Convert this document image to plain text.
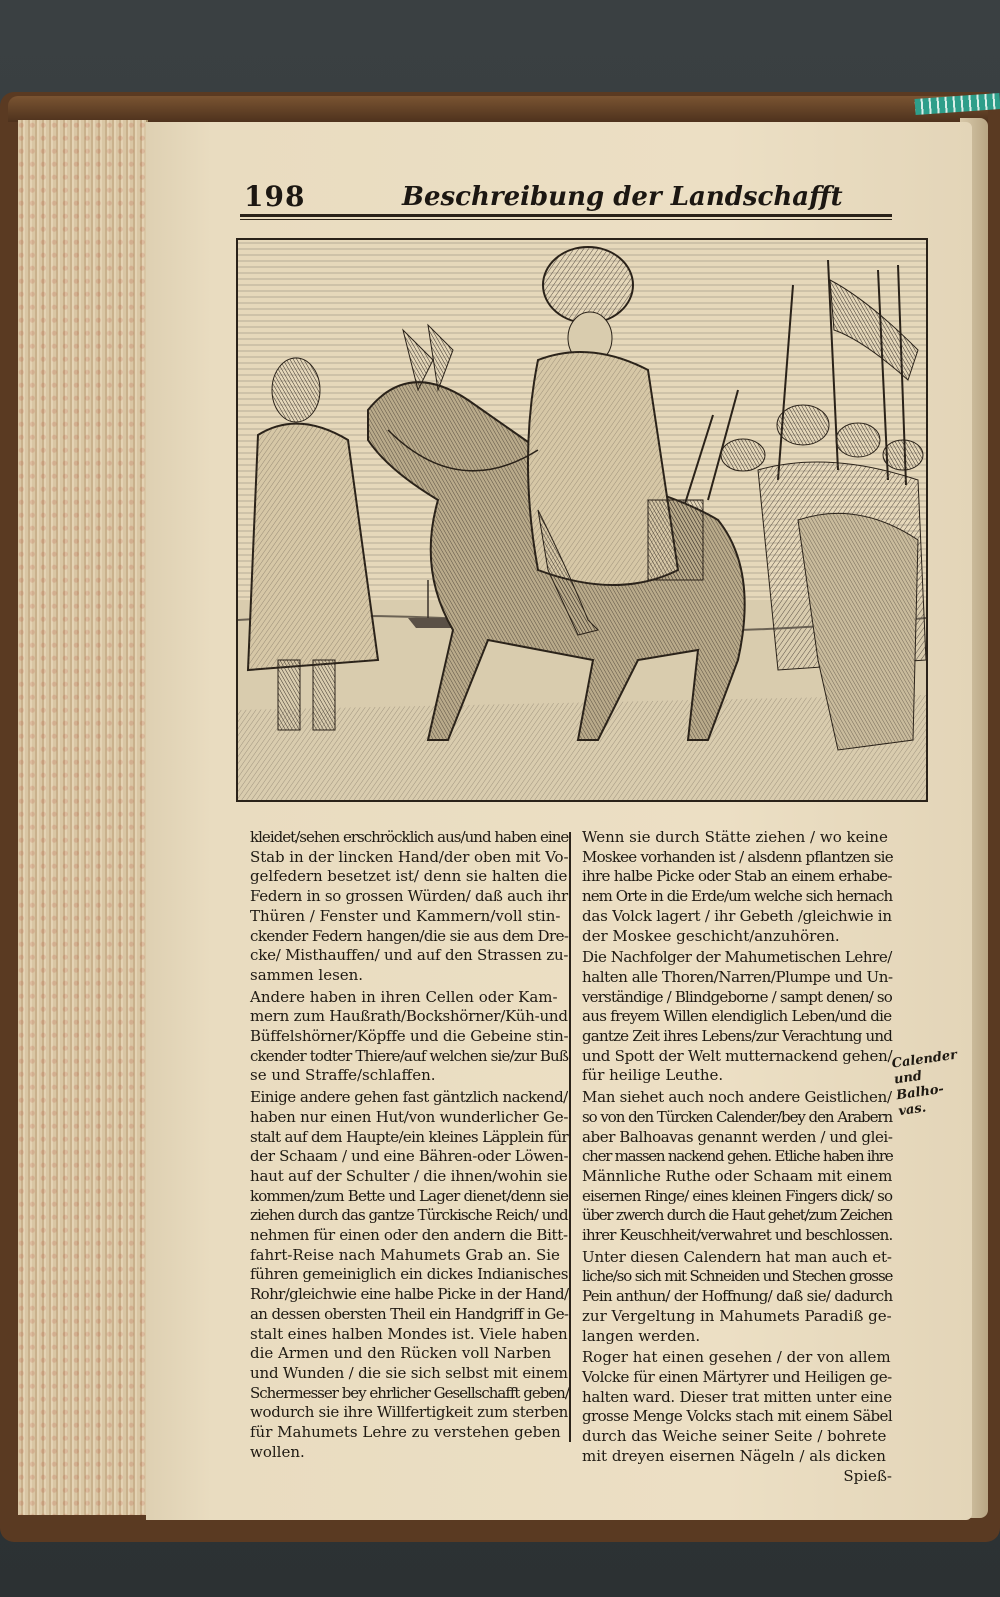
198	Beschreibung der Landschafft

kleidet/sehen erschröcklich aus/und haben eine
Stab in der lincken Hand/der oben mit Vo-
gelfedern besetzet ist/ denn sie halten die
Federn in so grossen Würden/ daß auch ihr
Thüren / Fenster und Kammern/voll stin-
ckender Federn hangen/die sie aus dem Dre-
cke/ Misthauffen/ und auf den Strassen zu-
sammen lesen.

Andere haben in ihren Cellen oder Kam-
mern zum Haußrath/Bockshörner/Küh-und
Büffelshörner/Köpffe und die Gebeine stin-
ckender todter Thiere/auf welchen sie/zur Buß
se und Straffe/schlaffen.

Einige andere gehen fast gäntzlich nackend/
haben nur einen Hut/von wunderlicher Ge-
stalt auf dem Haupte/ein kleines Läpplein für
der Schaam / und eine Bähren-oder Löwen-
haut auf der Schulter / die ihnen/wohin sie
kommen/zum Bette und Lager dienet/denn sie
ziehen durch das gantze Türckische Reich/ und
nehmen für einen oder den andern die Bitt-
fahrt-Reise nach Mahumets Grab an. Sie
führen gemeiniglich ein dickes Indianisches
Rohr/gleichwie eine halbe Picke in der Hand/
an dessen obersten Theil ein Handgriff in Ge-
stalt eines halben Mondes ist. Viele haben
die Armen und den Rücken voll Narben
und Wunden / die sie sich selbst mit einem
Schermesser bey ehrlicher Gesellschafft geben/
wodurch sie ihre Willfertigkeit zum sterben
für Mahumets Lehre zu verstehen geben
wollen.

Wenn sie durch Stätte ziehen / wo keine
Moskee vorhanden ist / alsdenn pflantzen sie
ihre halbe Picke oder Stab an einem erhabe-
nem Orte in die Erde/um welche sich hernach
das Volck lagert / ihr Gebeth /gleichwie in
der Moskee geschicht/anzuhören.

Die Nachfolger der Mahumetischen Lehre/
halten alle Thoren/Narren/Plumpe und Un-
verständige / Blindgeborne / sampt denen/ so
aus freyem Willen elendiglich Leben/und die
gantze Zeit ihres Lebens/zur Verachtung und
und Spott der Welt mutternackend gehen/
für heilige Leuthe.

Man siehet auch noch andere Geistlichen/
so von den Türcken Calender/bey den Arabern
aber Balhoavas genannt werden / und glei-
cher massen nackend gehen. Etliche haben ihre
Männliche Ruthe oder Schaam mit einem
eisernen Ringe/ eines kleinen Fingers dick/ so
über zwerch durch die Haut gehet/zum Zeichen
ihrer Keuschheit/verwahret und beschlossen.

Unter diesen Calendern hat man auch et-
liche/so sich mit Schneiden und Stechen grosse
Pein anthun/ der Hoffnung/ daß sie/ dadurch
zur Vergeltung in Mahumets Paradiß ge-
langen werden.

Roger hat einen gesehen / der von allem
Volcke für einen Märtyrer und Heiligen ge-
halten ward. Dieser trat mitten unter eine
grosse Menge Volcks stach mit einem Säbel
durch das Weiche seiner Seite / bohrete
mit dreyen eisernen Nägeln / als dicken
Spieß-

Calender
und Balho-
vas.
